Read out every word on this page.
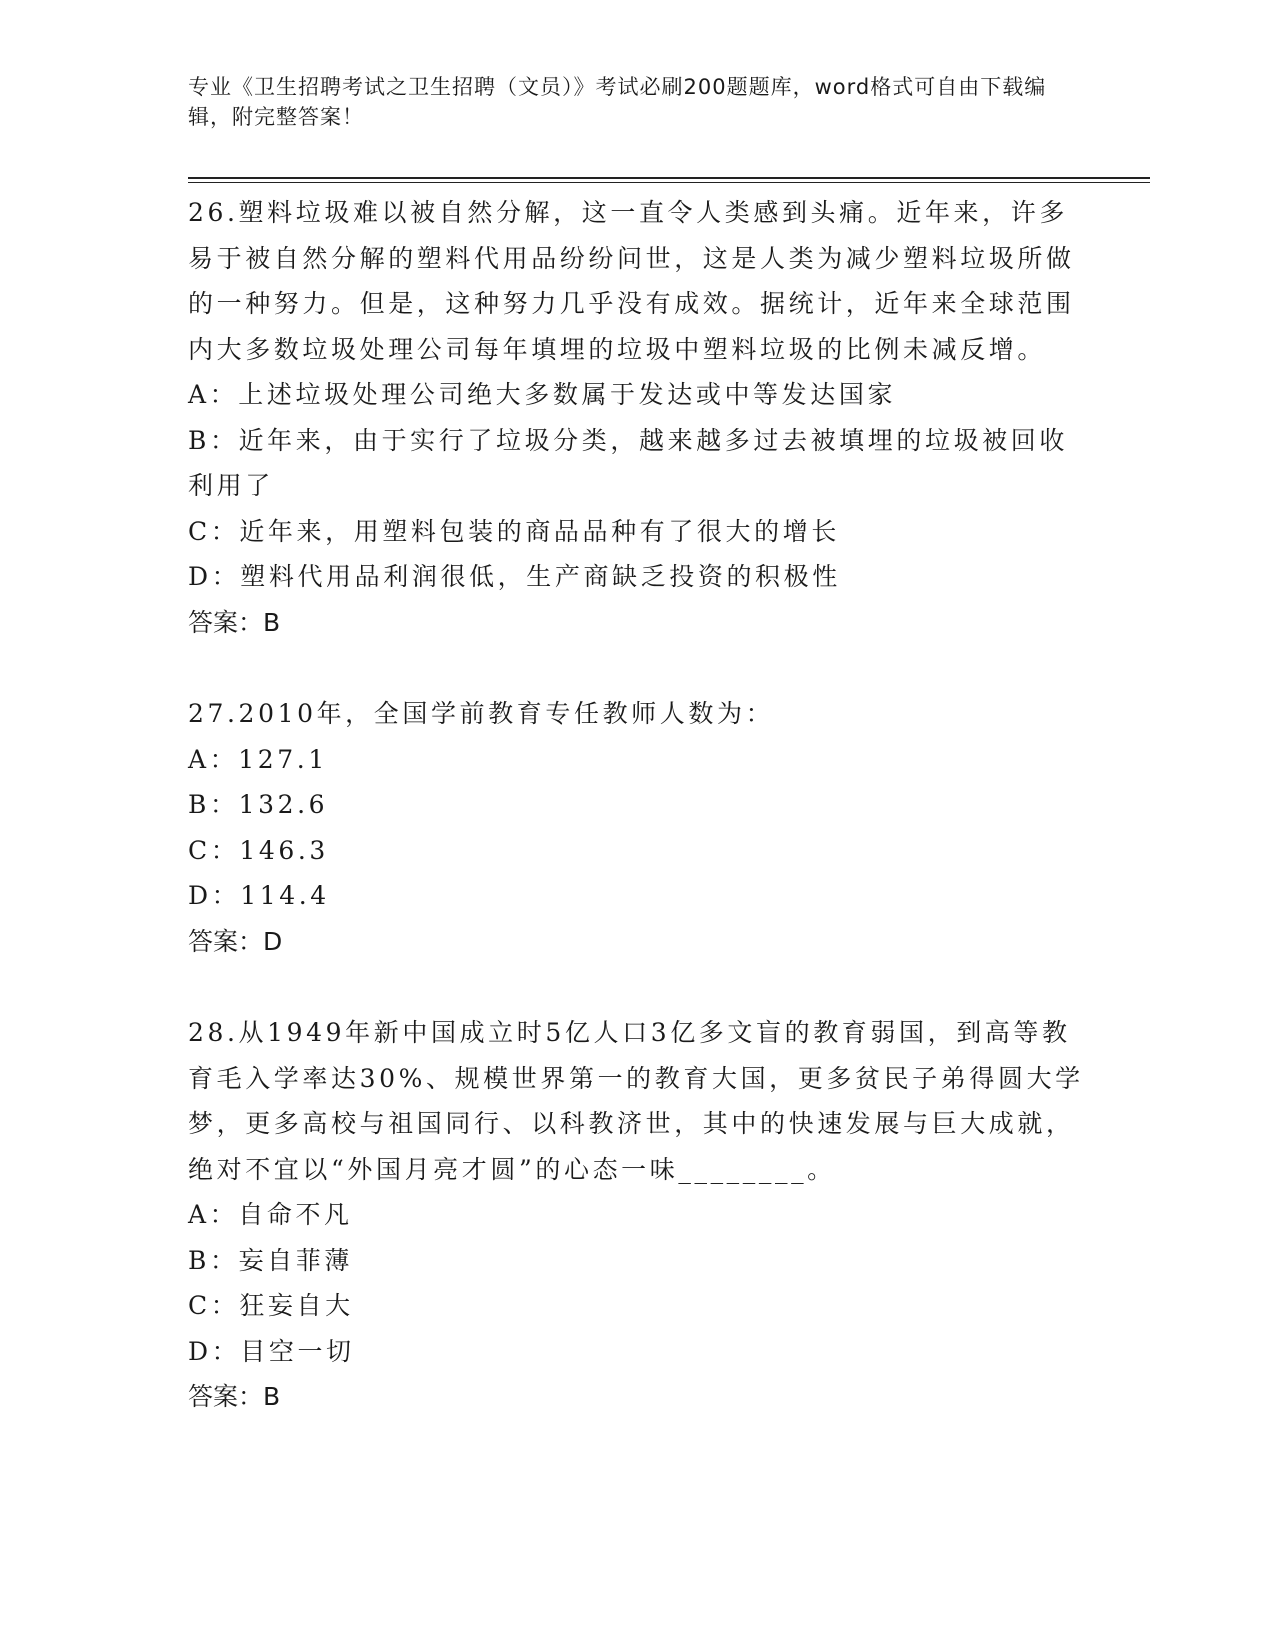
专业《卫生招聘考试之卫生招聘（文员）》考试必刷200题题库，word格式可自由下载编辑，附完整答案！

26.塑料垃圾难以被自然分解，这一直令人类感到头痛。近年来，许多易于被自然分解的塑料代用品纷纷问世，这是人类为减少塑料垃圾所做的一种努力。但是，这种努力几乎没有成效。据统计，近年来全球范围内大多数垃圾处理公司每年填埋的垃圾中塑料垃圾的比例未减反增。

A：上述垃圾处理公司绝大多数属于发达或中等发达国家

B：近年来，由于实行了垃圾分类，越来越多过去被填埋的垃圾被回收利用了

C：近年来，用塑料包装的商品品种有了很大的增长

D：塑料代用品利润很低，生产商缺乏投资的积极性

答案：B

27.2010年，全国学前教育专任教师人数为：

A：127.1

B：132.6

C：146.3

D：114.4

答案：D

28.从1949年新中国成立时5亿人口3亿多文盲的教育弱国，到高等教育毛入学率达30%、规模世界第一的教育大国，更多贫民子弟得圆大学梦，更多高校与祖国同行、以科教济世，其中的快速发展与巨大成就，绝对不宜以“外国月亮才圆”的心态一味________。

A：自命不凡

B：妄自菲薄

C：狂妄自大

D：目空一切

答案：B
